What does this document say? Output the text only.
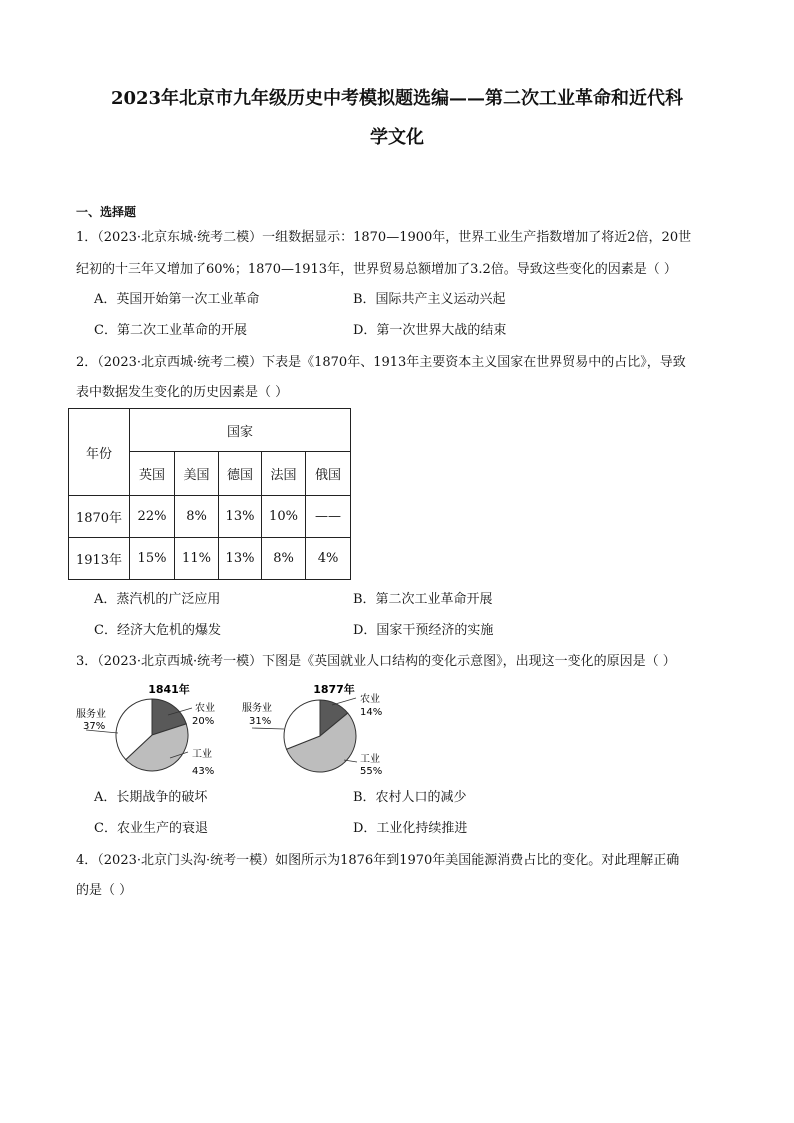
2023年北京市九年级历史中考模拟题选编——第二次工业革命和近代科
学文化
一、选择题
1．（2023·北京东城·统考二模）一组数据显示：1870—1900年，世界工业生产指数增加了将近2倍，20世
纪初的十三年又增加了60%；1870—1913年，世界贸易总额增加了3.2倍。导致这些变化的因素是（ ）
A．英国开始第一次工业革命	B．国际共产主义运动兴起
C．第二次工业革命的开展	D．第一次世界大战的结束
2．（2023·北京西城·统考二模）下表是《1870年、1913年主要资本主义国家在世界贸易中的占比》，导致
表中数据发生变化的历史因素是（ ）
年份	国家				
	英国	美国	德国	法国	俄国
1870年	22%	8%	13%	10%	——
1913年	15%	11%	13%	8%	4%
A．蒸汽机的广泛应用	B．第二次工业革命开展
C．经济大危机的爆发	D．国家干预经济的实施
3．（2023·北京西城·统考一模）下图是《英国就业人口结构的变化示意图》，出现这一变化的原因是（ ）
1841年
农业
20%
服务业
37%
工业
43%
1877年
农业
14%
服务业
31%
工业
55%
A．长期战争的破坏	B．农村人口的减少
C．农业生产的衰退	D．工业化持续推进
4．（2023·北京门头沟·统考一模）如图所示为1876年到1970年美国能源消费占比的变化。对此理解正确
的是（ ）
